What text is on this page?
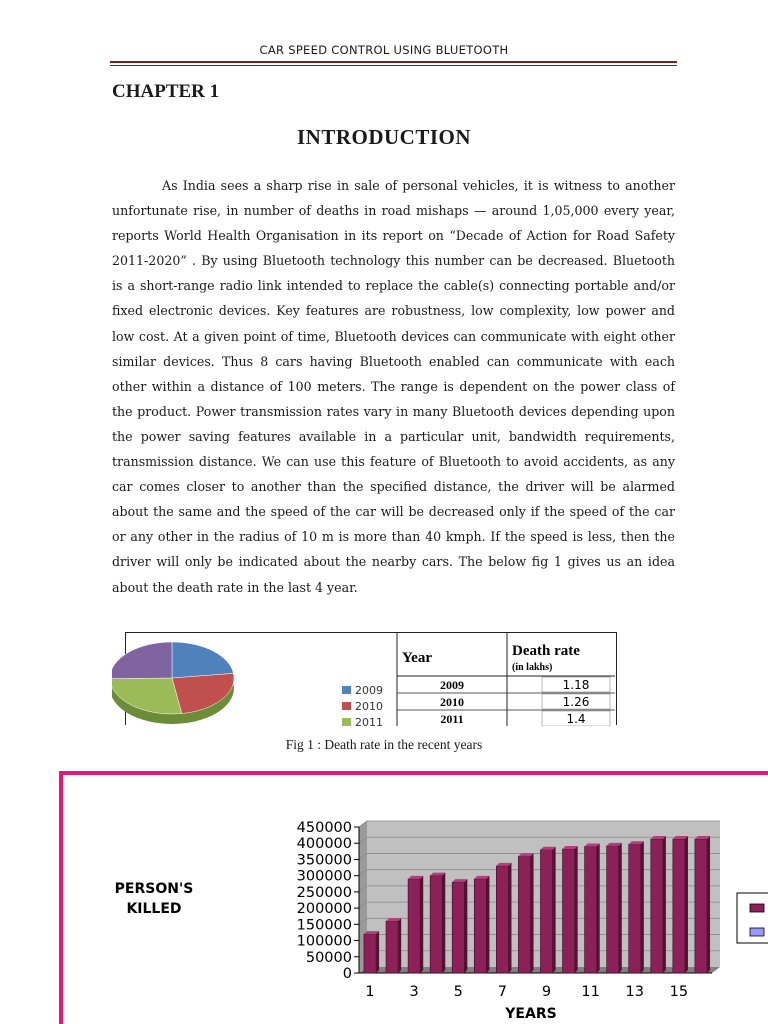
CAR SPEED CONTROL USING BLUETOOTH
CHAPTER 1
INTRODUCTION
As India sees a sharp rise in sale of personal vehicles, it is witness to another unfortunate rise, in number of deaths in road mishaps — around 1,05,000 every year, reports World Health Organisation in its report on “Decade of Action for Road Safety 2011-2020” . By using Bluetooth technology this number can be decreased. Bluetooth is a short-range radio link intended to replace the cable(s) connecting portable and/or fixed electronic devices. Key features are robustness, low complexity, low power and low cost. At a given point of time, Bluetooth devices can communicate with eight other similar devices. Thus 8 cars having Bluetooth enabled can communicate with each other within a distance of 100 meters. The range is dependent on the power class of the product. Power transmission rates vary in many Bluetooth devices depending upon the power saving features available in a particular unit, bandwidth requirements, transmission distance. We can use this feature of Bluetooth to avoid accidents, as any car comes closer to another than the specified distance, the driver will be alarmed about the same and the speed of the car will be decreased only if the speed of the car or any other in the radius of 10 m is more than 40 kmph. If the speed is less, then the driver will only be indicated about the nearby cars. The below fig 1 gives us an idea about the death rate in the last 4 year.
2009
2010
2011
Year	Death rate
(in lakhs)
2009	1.18
2010	1.26
2011	1.4
Fig 1 : Death rate in the recent years
PERSON'S
KILLED
450000
400000
350000
300000
250000
200000
150000
100000
50000
0
1 3 5 7 9 11 13 15
YEARS
